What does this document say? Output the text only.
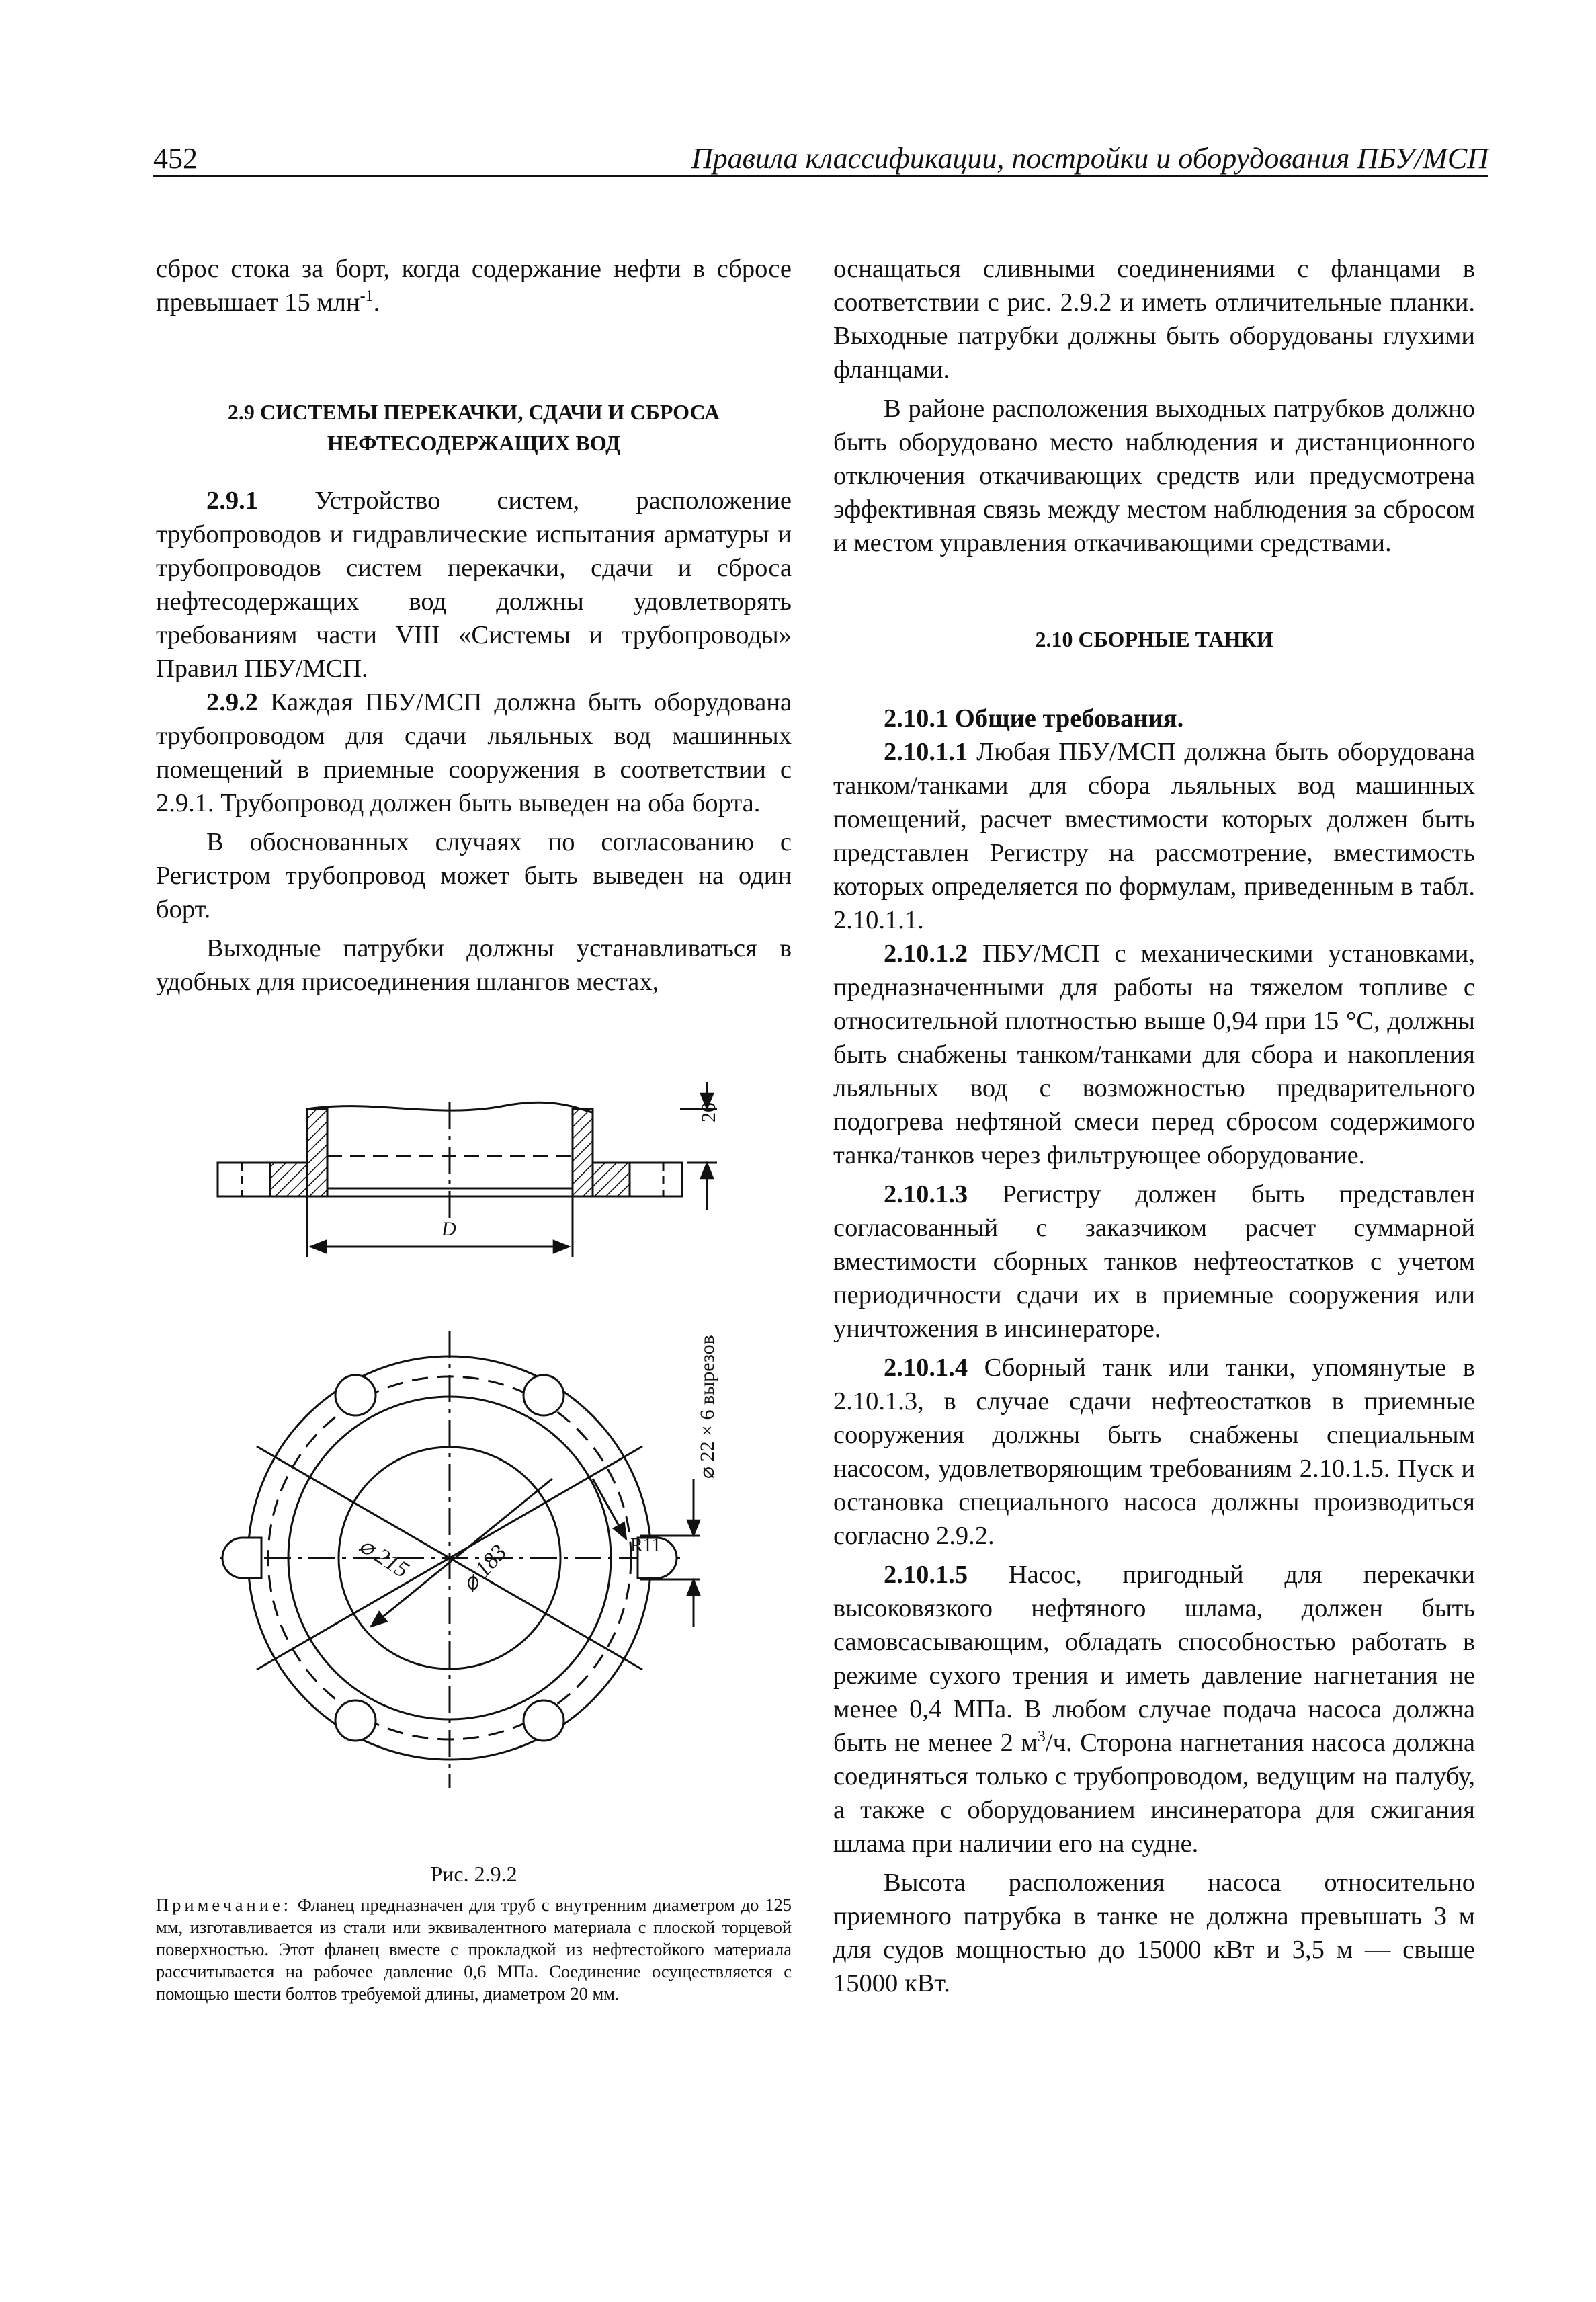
452	Правила классификации, постройки и оборудования ПБУ/МСП

сброс стока за борт, когда содержание нефти в сбросе превышает 15 млн$^{-1}$.

2.9 СИСТЕМЫ ПЕРЕКАЧКИ, СДАЧИ И СБРОСА
НЕФТЕСОДЕРЖАЩИХ ВОД

2.9.1 Устройство систем, расположение трубопроводов и гидравлические испытания арматуры и трубопроводов систем перекачки, сдачи и сброса нефтесодержащих вод должны удовлетворять требованиям части VIII «Системы и трубопроводы» Правил ПБУ/МСП.

2.9.2 Каждая ПБУ/МСП должна быть оборудована трубопроводом для сдачи льяльных вод машинных помещений в приемные сооружения в соответствии с 2.9.1. Трубопровод должен быть выведен на оба борта.

В обоснованных случаях по согласованию с Регистром трубопровод может быть выведен на один борт.

Выходные патрубки должны устанавливаться в удобных для присоединения шлангов местах,

20
D
⌀ 215 ⌀ 183	R11
⌀ 22 × 6 вырезов
Рис. 2.9.2
Примечание: Фланец предназначен для труб с внутренним диаметром до 125 мм, изготавливается из стали или эквивалентного материала с плоской торцевой поверхностью. Этот фланец вместе с прокладкой из нефтестойкого материала рассчитывается на рабочее давление 0,6 МПа. Соединение осуществляется с помощью шести болтов требуемой длины, диаметром 20 мм.

оснащаться сливными соединениями с фланцами в соответствии с рис. 2.9.2 и иметь отличительные планки. Выходные патрубки должны быть оборудованы глухими фланцами.

В районе расположения выходных патрубков должно быть оборудовано место наблюдения и дистанционного отключения откачивающих средств или предусмотрена эффективная связь между местом наблюдения за сбросом и местом управления откачивающими средствами.

2.10 СБОРНЫЕ ТАНКИ

2.10.1 Общие требования.

2.10.1.1 Любая ПБУ/МСП должна быть оборудована танком/танками для сбора льяльных вод машинных помещений, расчет вместимости которых должен быть представлен Регистру на рассмотрение, вместимость которых определяется по формулам, приведенным в табл. 2.10.1.1.

2.10.1.2 ПБУ/МСП с механическими установками, предназначенными для работы на тяжелом топливе с относительной плотностью выше 0,94 при 15 °С, должны быть снабжены танком/танками для сбора и накопления льяльных вод с возможностью предварительного подогрева нефтяной смеси перед сбросом содержимого танка/танков через фильтрующее оборудование.

2.10.1.3 Регистру должен быть представлен согласованный с заказчиком расчет суммарной вместимости сборных танков нефтеостатков с учетом периодичности сдачи их в приемные сооружения или уничтожения в инсинераторе.

2.10.1.4 Сборный танк или танки, упомянутые в 2.10.1.3, в случае сдачи нефтеостатков в приемные сооружения должны быть снабжены специальным насосом, удовлетворяющим требованиям 2.10.1.5. Пуск и остановка специального насоса должны производиться согласно 2.9.2.

2.10.1.5 Насос, пригодный для перекачки высоковязкого нефтяного шлама, должен быть самовсасывающим, обладать способностью работать в режиме сухого трения и иметь давление нагнетания не менее 0,4 МПа. В любом случае подача насоса должна быть не менее 2 $м^3/ч$. Сторона нагнетания насоса должна соединяться только с трубопроводом, ведущим на палубу, а также с оборудованием инсинератора для сжигания шлама при наличии его на судне.

Высота расположения насоса относительно приемного патрубка в танке не должна превышать 3 м для судов мощностью до 15000 кВт и 3,5 м — свыше 15000 кВт.
